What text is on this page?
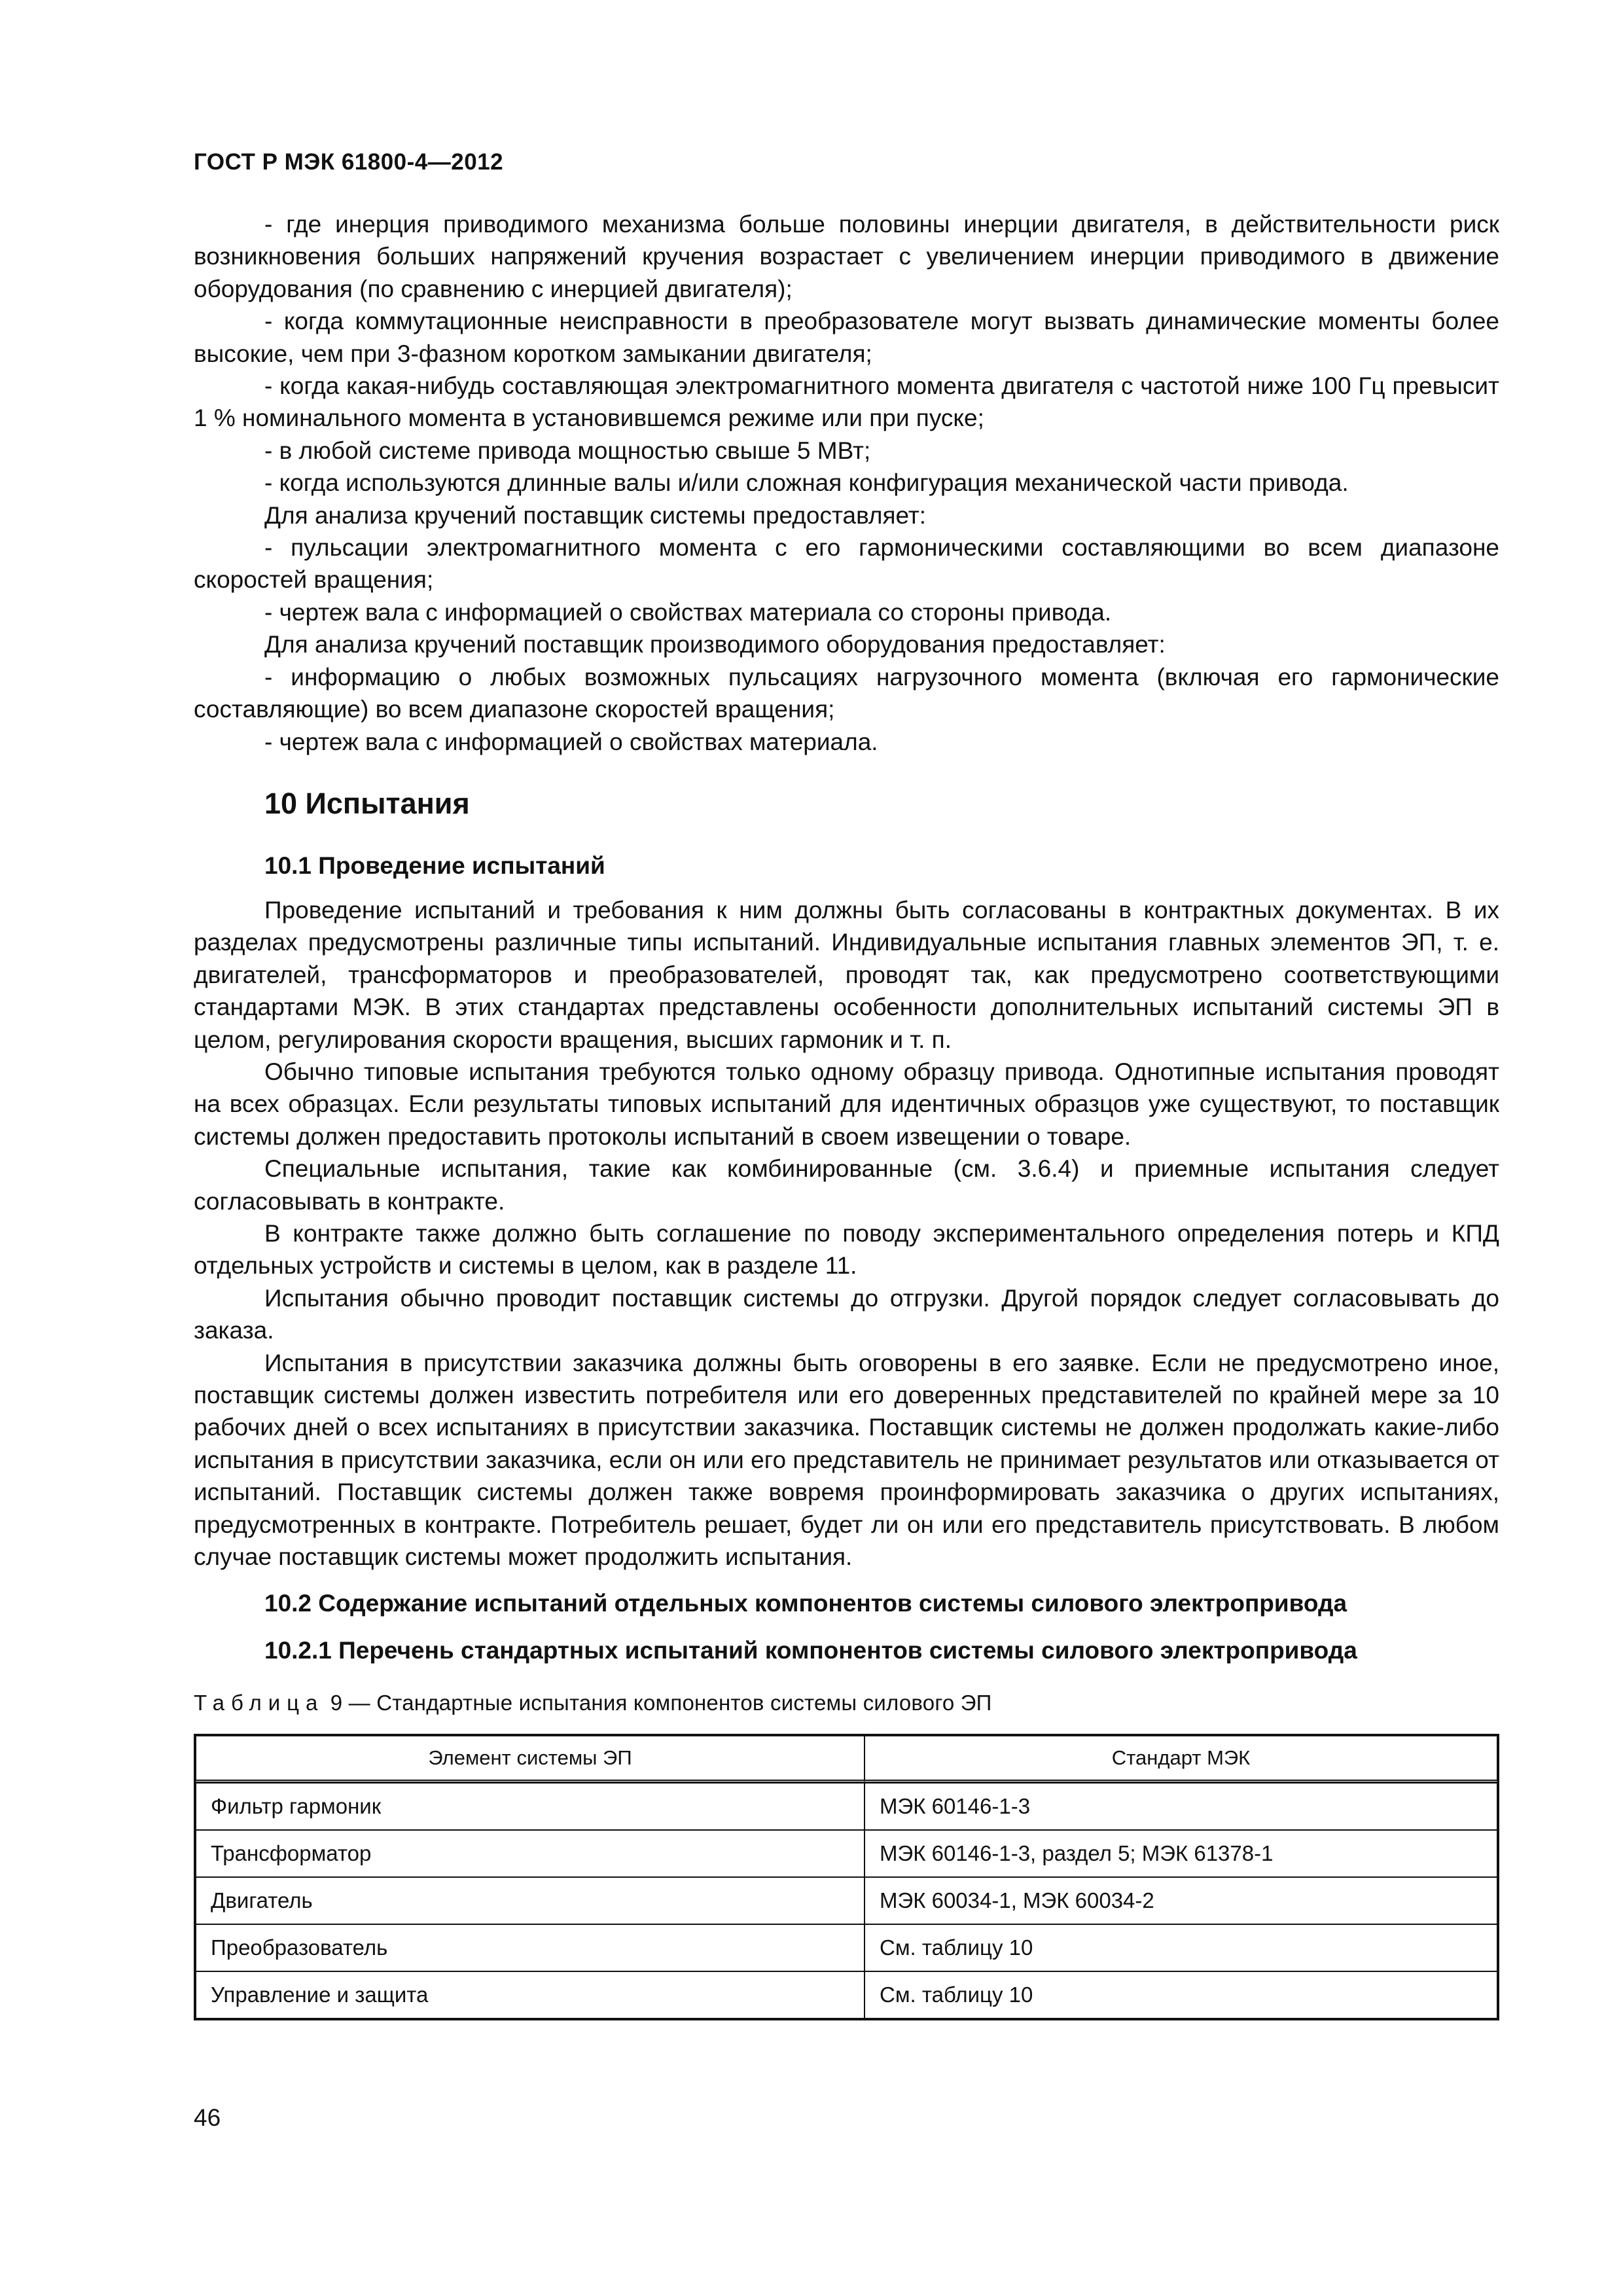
ГОСТ Р МЭК 61800-4—2012

- где инерция приводимого механизма больше половины инерции двигателя, в действительности риск возникновения больших напряжений кручения возрастает с увеличением инерции приводимого в движение оборудования (по сравнению с инерцией двигателя);

- когда коммутационные неисправности в преобразователе могут вызвать динамические моменты более высокие, чем при 3-фазном коротком замыкании двигателя;

- когда какая-нибудь составляющая электромагнитного момента двигателя с частотой ниже 100 Гц превысит 1 % номинального момента в установившемся режиме или при пуске;

- в любой системе привода мощностью свыше 5 МВт;

- когда используются длинные валы и/или сложная конфигурация механической части привода.

Для анализа кручений поставщик системы предоставляет:

- пульсации электромагнитного момента с его гармоническими составляющими во всем диапазоне скоростей вращения;

- чертеж вала с информацией о свойствах материала со стороны привода.

Для анализа кручений поставщик производимого оборудования предоставляет:

- информацию о любых возможных пульсациях нагрузочного момента (включая его гармонические составляющие) во всем диапазоне скоростей вращения;

- чертеж вала с информацией о свойствах материала.

10 Испытания
10.1 Проведение испытаний

Проведение испытаний и требования к ним должны быть согласованы в контрактных документах. В их разделах предусмотрены различные типы испытаний. Индивидуальные испытания главных элементов ЭП, т. е. двигателей, трансформаторов и преобразователей, проводят так, как предусмотрено соответствующими стандартами МЭК. В этих стандартах представлены особенности дополнительных испытаний системы ЭП в целом, регулирования скорости вращения, высших гармоник и т. п.

Обычно типовые испытания требуются только одному образцу привода. Однотипные испытания проводят на всех образцах. Если результаты типовых испытаний для идентичных образцов уже существуют, то поставщик системы должен предоставить протоколы испытаний в своем извещении о товаре.

Специальные испытания, такие как комбинированные (см. 3.6.4) и приемные испытания следует согласовывать в контракте.

В контракте также должно быть соглашение по поводу экспериментального определения потерь и КПД отдельных устройств и системы в целом, как в разделе 11.

Испытания обычно проводит поставщик системы до отгрузки. Другой порядок следует согласовывать до заказа.

Испытания в присутствии заказчика должны быть оговорены в его заявке. Если не предусмотрено иное, поставщик системы должен известить потребителя или его доверенных представителей по крайней мере за 10 рабочих дней о всех испытаниях в присутствии заказчика. Поставщик системы не должен продолжать какие-либо испытания в присутствии заказчика, если он или его представитель не принимает результатов или отказывается от испытаний. Поставщик системы должен также вовремя проинформировать заказчика о других испытаниях, предусмотренных в контракте. Потребитель решает, будет ли он или его представитель присутствовать. В любом случае поставщик системы может продолжить испытания.

10.2 Содержание испытаний отдельных компонентов системы силового электропривода
10.2.1 Перечень стандартных испытаний компонентов системы силового электропривода
Таблица 9 — Стандартные испытания компонентов системы силового ЭП
Элемент системы ЭП	Стандарт МЭК
Фильтр гармоник	МЭК 60146-1-3
Трансформатор	МЭК 60146-1-3, раздел 5; МЭК 61378-1
Двигатель	МЭК 60034-1, МЭК 60034-2
Преобразователь	См. таблицу 10
Управление и защита	См. таблицу 10
46
